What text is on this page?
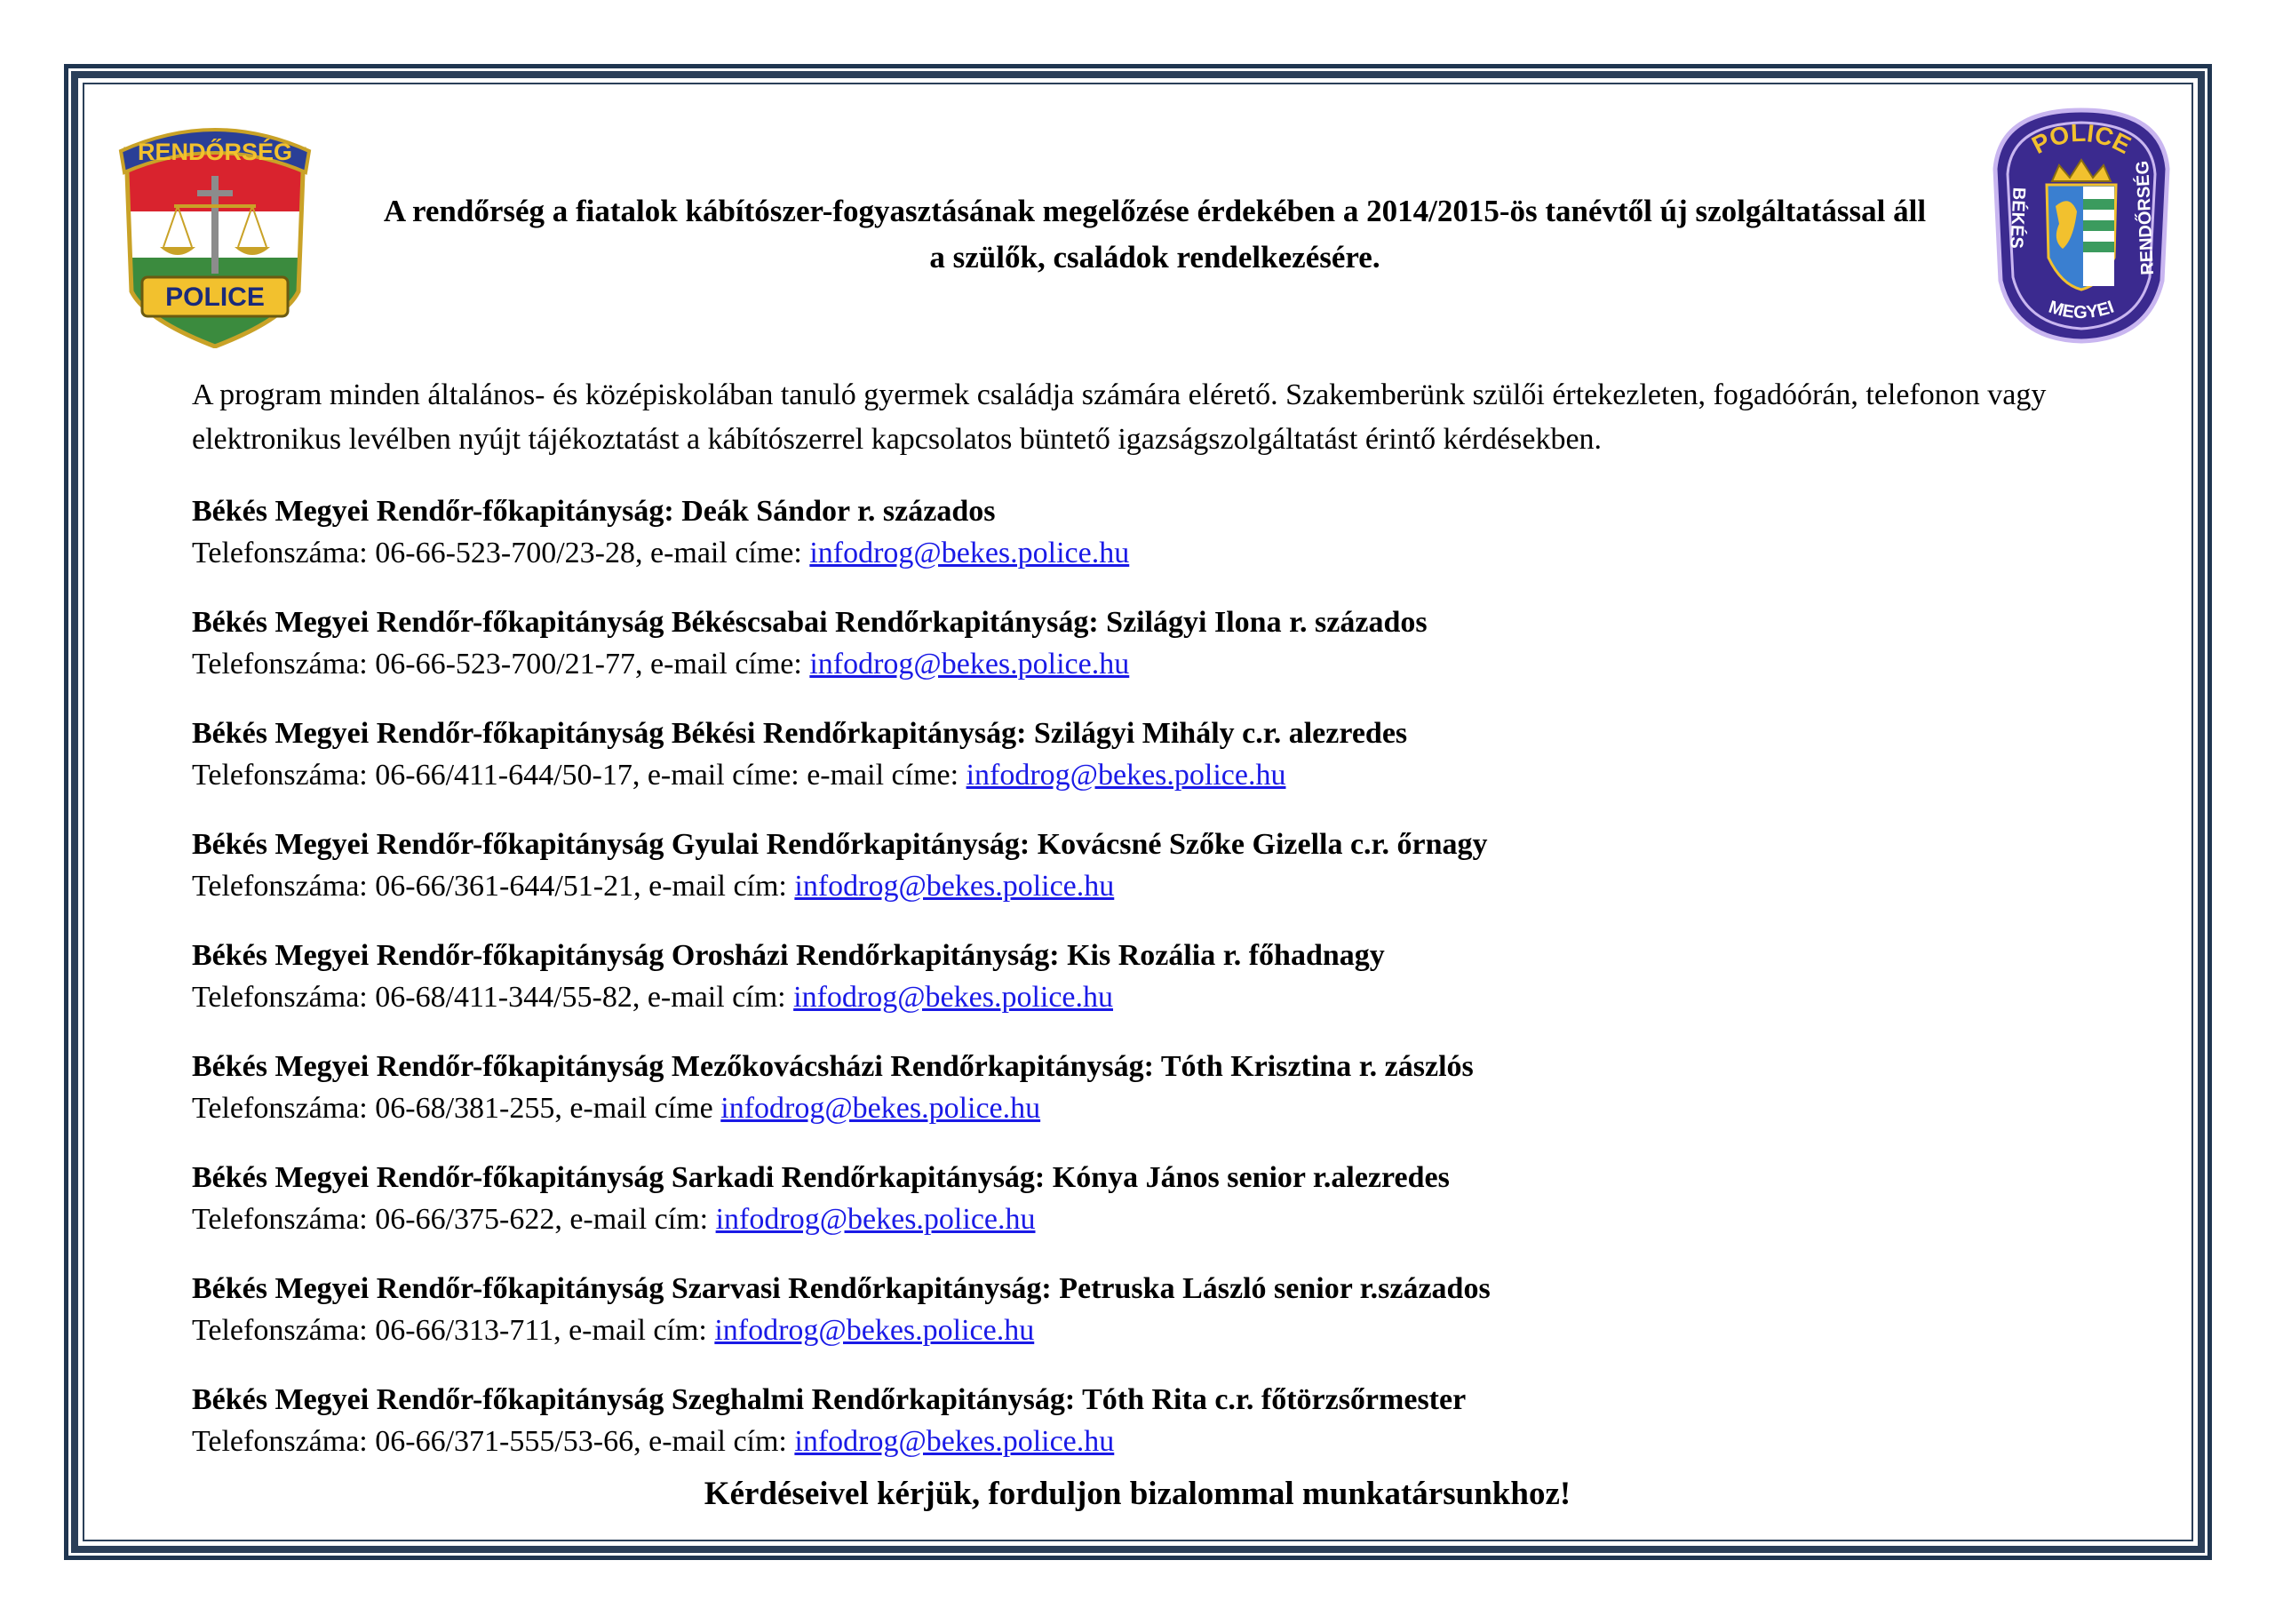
RENDŐRSÉG
POLICE
A rendőrség a fiatalok kábítószer-fogyasztásának megelőzése érdekében a 2014/2015-ös tanévtől új szolgáltatással áll
a szülők, családok rendelkezésére.
POLICE
BÉKÉS
MEGYEI
RENDŐRSÉG
A program minden általános- és középiskolában tanuló gyermek családja számára elérető. Szakemberünk szülői értekezleten, fogadóórán, telefonon vagy elektronikus levélben nyújt tájékoztatást a kábítószerrel kapcsolatos büntető igazságszolgáltatást érintő kérdésekben.
Békés Megyei Rendőr-főkapitányság: Deák Sándor r. százados
Telefonszáma: 06-66-523-700/23-28, e-mail címe: infodrog@bekes.police.hu
Békés Megyei Rendőr-főkapitányság Békéscsabai Rendőrkapitányság: Szilágyi Ilona r. százados
Telefonszáma: 06-66-523-700/21-77, e-mail címe: infodrog@bekes.police.hu
Békés Megyei Rendőr-főkapitányság Békési Rendőrkapitányság: Szilágyi Mihály c.r. alezredes
Telefonszáma: 06-66/411-644/50-17, e-mail címe: e-mail címe: infodrog@bekes.police.hu
Békés Megyei Rendőr-főkapitányság Gyulai Rendőrkapitányság: Kovácsné Szőke Gizella c.r. őrnagy
Telefonszáma: 06-66/361-644/51-21, e-mail cím: infodrog@bekes.police.hu
Békés Megyei Rendőr-főkapitányság Orosházi Rendőrkapitányság: Kis Rozália r. főhadnagy
Telefonszáma: 06-68/411-344/55-82, e-mail cím: infodrog@bekes.police.hu
Békés Megyei Rendőr-főkapitányság Mezőkovácsházi Rendőrkapitányság: Tóth Krisztina r. zászlós
Telefonszáma: 06-68/381-255, e-mail címe infodrog@bekes.police.hu
Békés Megyei Rendőr-főkapitányság Sarkadi Rendőrkapitányság: Kónya János senior r.alezredes
Telefonszáma: 06-66/375-622, e-mail cím: infodrog@bekes.police.hu
Békés Megyei Rendőr-főkapitányság Szarvasi Rendőrkapitányság: Petruska László senior r.százados
Telefonszáma: 06-66/313-711, e-mail cím: infodrog@bekes.police.hu
Békés Megyei Rendőr-főkapitányság Szeghalmi Rendőrkapitányság: Tóth Rita c.r. főtörzsőrmester
Telefonszáma: 06-66/371-555/53-66, e-mail cím: infodrog@bekes.police.hu
Kérdéseivel kérjük, forduljon bizalommal munkatársunkhoz!
